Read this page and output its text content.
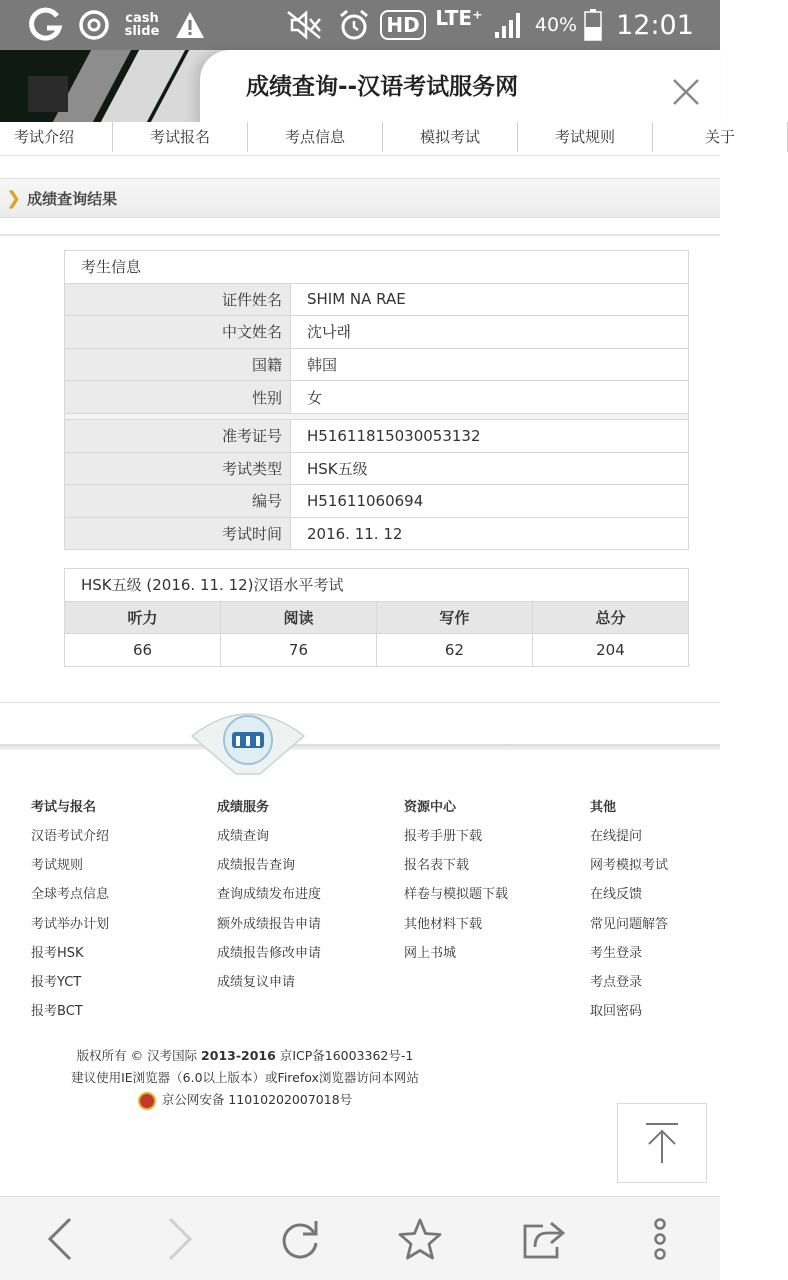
cash
slide	HD LTE⁺	40% 12:01
成绩查询--汉语考试服务网
考试介绍	考试报名	考点信息	模拟考试	考试规则	关于
❯ 成绩查询结果
考生信息	
证件姓名	SHIM NA RAE
中文姓名	沈나래
国籍	韩国
性别	女

准考证号	H51611815030053132
考试类型	HSK五级
编号	H51611060694
考试时间	2016. 11. 12
HSK五级 (2016. 11. 12)汉语水平考试			
听力	阅读	写作	总分
66	76	62	204
考试与报名
汉语考试介绍
考试规则
全球考点信息
考试举办计划
报考HSK
报考YCT
报考BCT
成绩服务
成绩查询
成绩报告查询
查询成绩发布进度
额外成绩报告申请
成绩报告修改申请
成绩复议申请
资源中心
报考手册下载
报名表下载
样卷与模拟题下载
其他材料下载
网上书城
其他
在线提问
网考模拟考试
在线反馈
常见问题解答
考生登录
考点登录
取回密码
版权所有 © 汉考国际 2013-2016 京ICP备16003362号-1
建议使用IE浏览器（6.0以上版本）或Firefox浏览器访问本网站
京公网安备 11010202007018号
